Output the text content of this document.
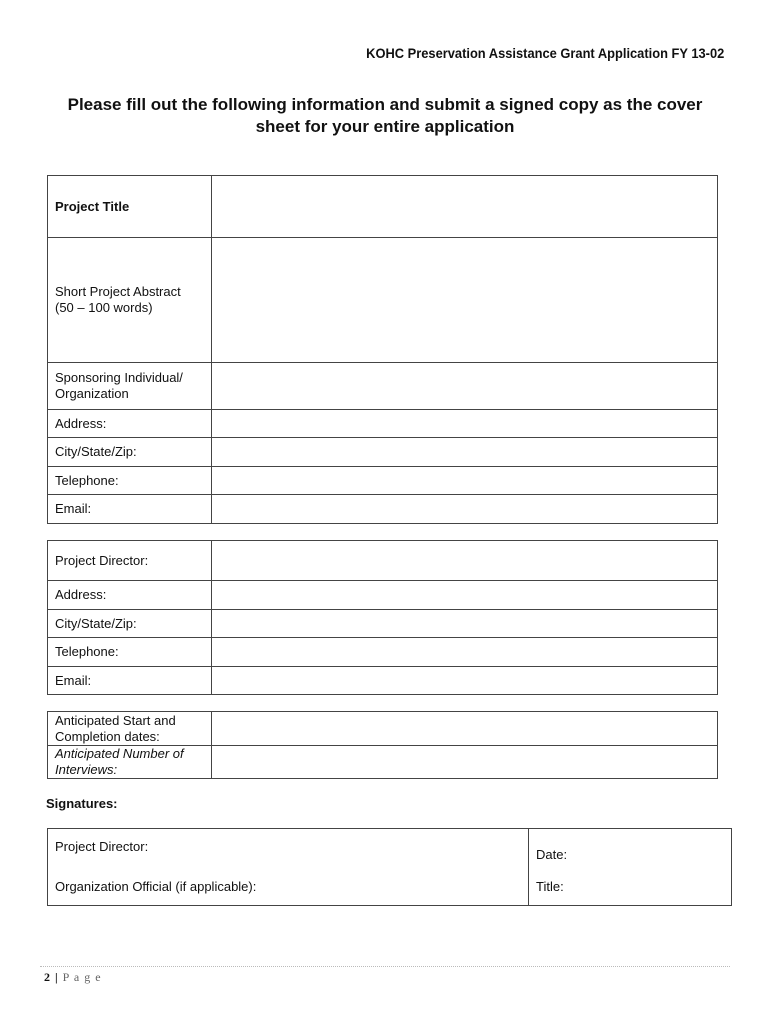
KOHC Preservation Assistance Grant Application FY 13-02
Please fill out the following information and submit a signed copy as the cover
sheet for your entire application
Project Title	

Short Project Abstract
(50 – 100 words)	

Sponsoring Individual/
Organization	

Address:	
City/State/Zip:	
Telephone:	
Email:	
Project Director:	
Address:	
City/State/Zip:	
Telephone:	
Email:	
Anticipated Start and
Completion dates:	

Anticipated Number of
Interviews:	

Signatures:
Project Director:	Date:
Organization Official (if applicable):	Title:
2 | P a g e
